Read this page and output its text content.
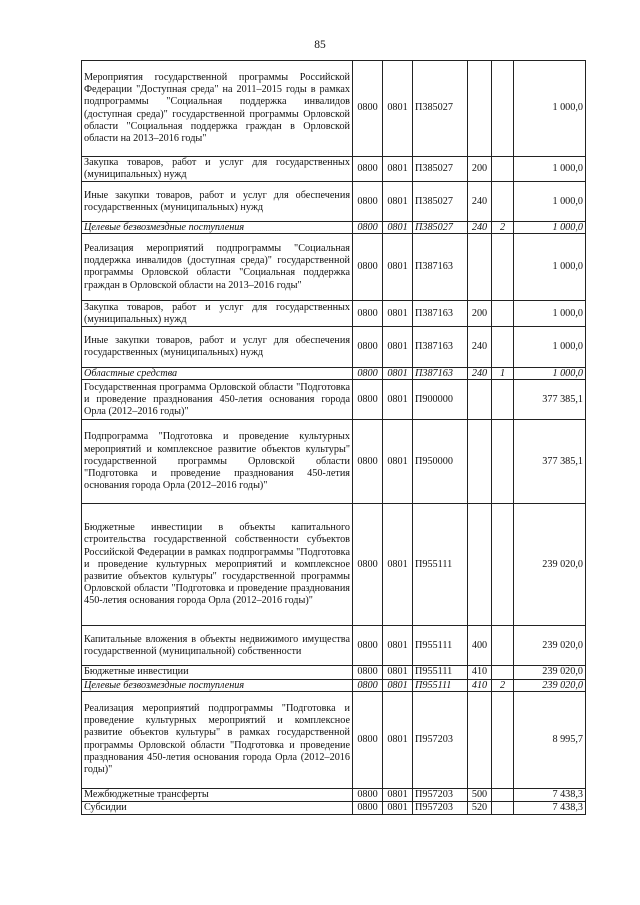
85
Мероприятия государственной программы Российской Федерации "Доступная среда" на 2011–2015 годы в рамках подпрограммы "Социальная поддержка инвалидов (доступная среда)" государственной программы Орловской области "Социальная поддержка граждан в Орловской области на 2013–2016 годы"	0800	0801	П385027			1 000,0
Закупка товаров, работ и услуг для государственных (муниципальных) нужд	0800	0801	П385027	200		1 000,0
Иные закупки товаров, работ и услуг для обеспечения государственных (муниципальных) нужд	0800	0801	П385027	240		1 000,0
Целевые безвозмездные поступления	0800	0801	П385027	240	2	1 000,0
Реализация мероприятий подпрограммы "Социальная поддержка инвалидов (доступная среда)" государственной программы Орловской области "Социальная поддержка граждан в Орловской области на 2013–2016 годы"	0800	0801	П387163			1 000,0
Закупка товаров, работ и услуг для государственных (муниципальных) нужд	0800	0801	П387163	200		1 000,0
Иные закупки товаров, работ и услуг для обеспечения государственных (муниципальных) нужд	0800	0801	П387163	240		1 000,0
Областные средства	0800	0801	П387163	240	1	1 000,0
Государственная программа Орловской области "Подготовка и проведение празднования 450-летия основания города Орла (2012–2016 годы)"	0800	0801	П900000			377 385,1
Подпрограмма "Подготовка и проведение культурных мероприятий и комплексное развитие объектов культуры" государственной программы Орловской области "Подготовка и проведение празднования 450-летия основания города Орла (2012–2016 годы)"	0800	0801	П950000			377 385,1
Бюджетные инвестиции в объекты капитального строительства государственной собственности субъектов Российской Федерации в рамках подпрограммы "Подготовка и проведение культурных мероприятий и комплексное развитие объектов культуры" государственной программы Орловской области "Подготовка и проведение празднования 450-летия основания города Орла (2012–2016 годы)"	0800	0801	П955111			239 020,0
Капитальные вложения в объекты недвижимого имущества государственной (муниципальной) собственности	0800	0801	П955111	400		239 020,0
Бюджетные инвестиции	0800	0801	П955111	410		239 020,0
Целевые безвозмездные поступления	0800	0801	П955111	410	2	239 020,0
Реализация мероприятий подпрограммы "Подготовка и проведение культурных мероприятий и комплексное развитие объектов культуры" в рамках государственной программы Орловской области "Подготовка и проведение празднования 450-летия основания города Орла (2012–2016 годы)"	0800	0801	П957203			8 995,7
Межбюджетные трансферты	0800	0801	П957203	500		7 438,3
Субсидии	0800	0801	П957203	520		7 438,3
